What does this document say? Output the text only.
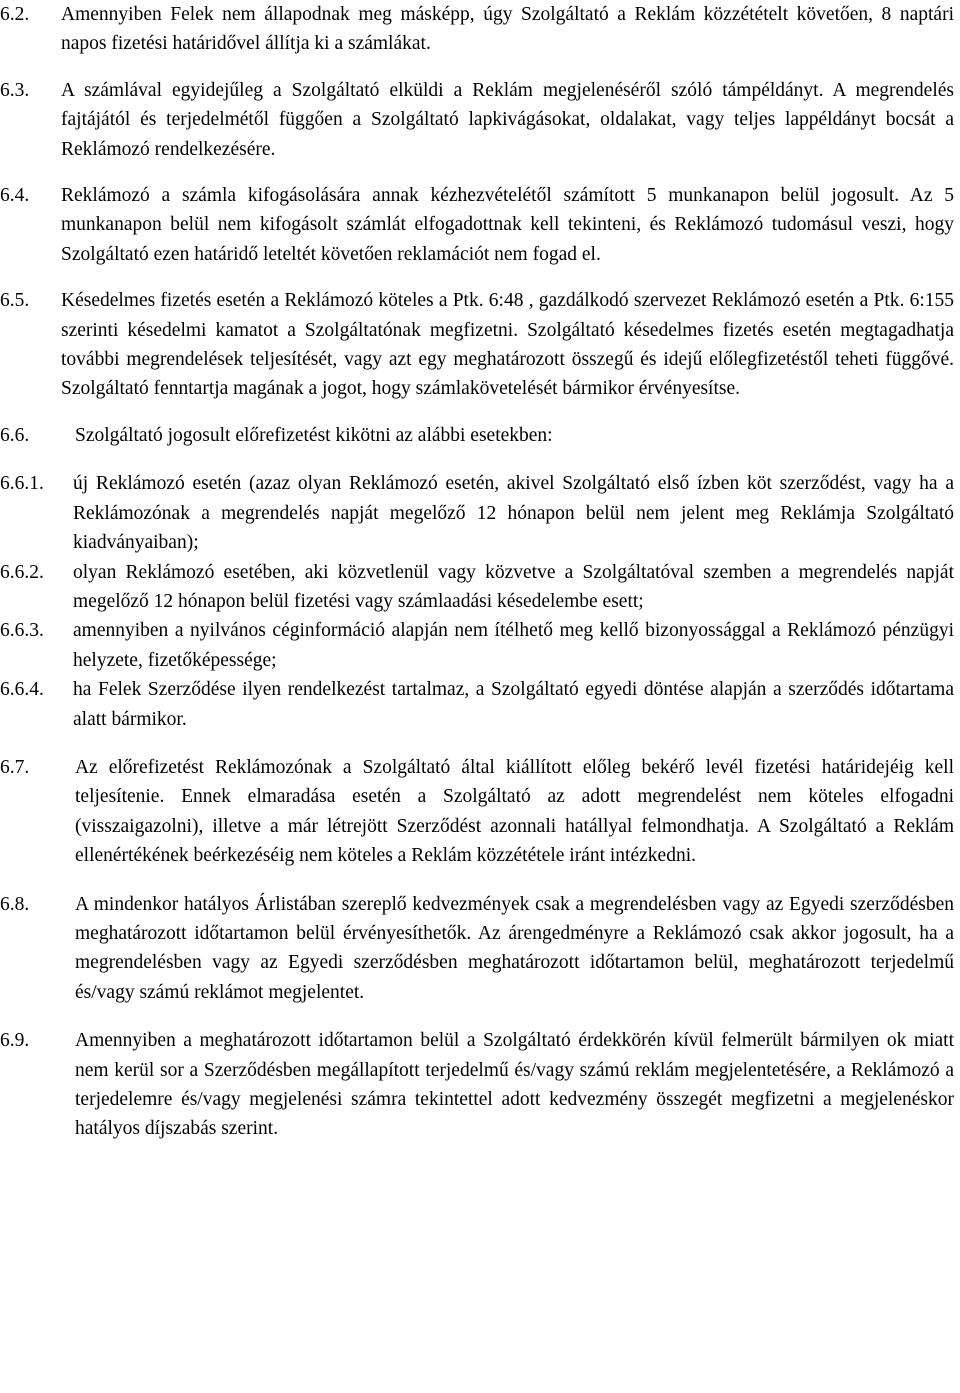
6.2.	Amennyiben Felek nem állapodnak meg másképp, úgy Szolgáltató a Reklám közzétételt követően, 8 naptári napos fizetési határidővel állítja ki a számlákat.
6.3.	A számlával egyidejűleg a Szolgáltató elküldi a Reklám megjelenéséről szóló támpéldányt. A megrendelés fajtájától és terjedelmétől függően a Szolgáltató lapkivágásokat, oldalakat, vagy teljes lappéldányt bocsát a Reklámozó rendelkezésére.
6.4.	Reklámozó a számla kifogásolására annak kézhezvételétől számított 5 munkanapon belül jogosult. Az 5 munkanapon belül nem kifogásolt számlát elfogadottnak kell tekinteni, és Reklámozó tudomásul veszi, hogy Szolgáltató ezen határidő leteltét követően reklamációt nem fogad el.
6.5.	Késedelmes fizetés esetén a Reklámozó köteles a Ptk. 6:48 , gazdálkodó szervezet Reklámozó esetén a Ptk. 6:155 szerinti késedelmi kamatot a Szolgáltatónak megfizetni. Szolgáltató késedelmes fizetés esetén megtagadhatja további megrendelések teljesítését, vagy azt egy meghatározott összegű és idejű előlegfizetéstől teheti függővé. Szolgáltató fenntartja magának a jogot, hogy számlakövetelését bármikor érvényesítse.
6.6.	Szolgáltató jogosult előrefizetést kikötni az alábbi esetekben:
6.6.1. új Reklámozó esetén (azaz olyan Reklámozó esetén, akivel Szolgáltató első ízben köt szerződést, vagy ha a Reklámozónak a megrendelés napját megelőző 12 hónapon belül nem jelent meg Reklámja Szolgáltató kiadványaiban);
6.6.2. olyan Reklámozó esetében, aki közvetlenül vagy közvetve a Szolgáltatóval szemben a megrendelés napját megelőző 12 hónapon belül fizetési vagy számlaadási késedelembe esett;
6.6.3. amennyiben a nyilvános céginformáció alapján nem ítélhető meg kellő bizonyossággal a Reklámozó pénzügyi helyzete, fizetőképessége;
6.6.4. ha Felek Szerződése ilyen rendelkezést tartalmaz, a Szolgáltató egyedi döntése alapján a szerződés időtartama alatt bármikor.
6.7.	Az előrefizetést Reklámozónak a Szolgáltató által kiállított előleg bekérő levél fizetési határidejéig kell teljesítenie. Ennek elmaradása esetén a Szolgáltató az adott megrendelést nem köteles elfogadni (visszaigazolni), illetve a már létrejött Szerződést azonnali hatállyal felmondhatja. A Szolgáltató a Reklám ellenértékének beérkezéséig nem köteles a Reklám közzététele iránt intézkedni.
6.8.	A mindenkor hatályos Árlistában szereplő kedvezmények csak a megrendelésben vagy az Egyedi szerződésben meghatározott időtartamon belül érvényesíthetők. Az árengedményre a Reklámozó csak akkor jogosult, ha a megrendelésben vagy az Egyedi szerződésben meghatározott időtartamon belül, meghatározott terjedelmű és/vagy számú reklámot megjelentet.
6.9.	Amennyiben a meghatározott időtartamon belül a Szolgáltató érdekkörén kívül felmerült bármilyen ok miatt nem kerül sor a Szerződésben megállapított terjedelmű és/vagy számú reklám megjelentetésére, a Reklámozó a terjedelemre és/vagy megjelenési számra tekintettel adott kedvezmény összegét megfizetni a megjelenéskor hatályos díjszabás szerint.
